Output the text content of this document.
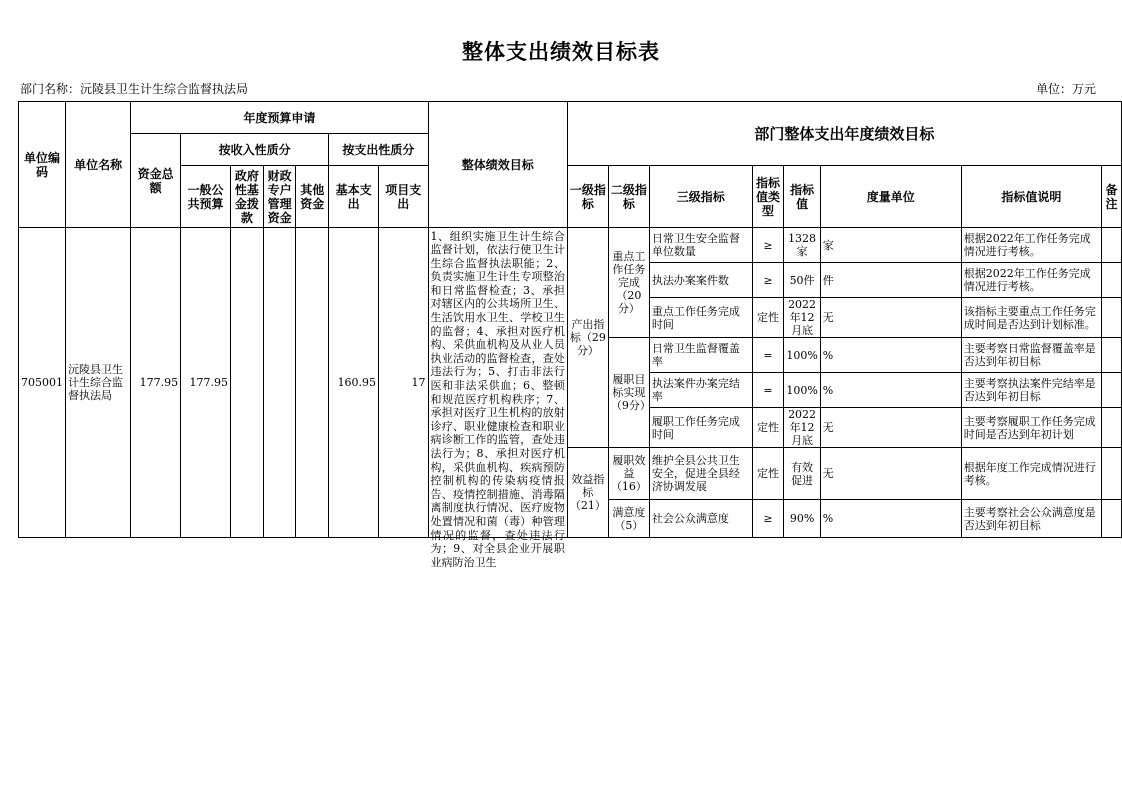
整体支出绩效目标表
部门名称：沅陵县卫生计生综合监督执法局	单位：万元
单位编码	单位名称	年度预算申请							整体绩效目标	部门整体支出年度绩效目标							
		资金总额	按收入性质分				按支出性质分										
			一般公共预算	政府性基金拨款	财政专户管理资金	其他资金	基本支出	项目支出									
										一级指标	二级指标	三级指标	指标值类型	指标值	度量单位	指标值说明	备注
705001	沅陵县卫生计生综合监督执法局	177.95	177.95				160.95	17	1、组织实施卫生计生综合监督计划，依法行使卫生计生综合监督执法职能；2、负责实施卫生计生专项整治和日常监督检查；3、承担对辖区内的公共场所卫生、生活饮用水卫生、学校卫生的监督；4、承担对医疗机构、采供血机构及从业人员执业活动的监督检查，查处违法行为；5、打击非法行医和非法采供血；6、整顿和规范医疗机构秩序；7、承担对医疗卫生机构的放射诊疗、职业健康检查和职业病诊断工作的监管，查处违法行为；8、承担对医疗机构，采供血机构、疾病预防控制机构的传染病疫情报告、疫情控制措施、消毒隔离制度执行情况、医疗废物处置情况和菌（毒）种管理情况的监督，查处违法行为；9、对全县企业开展职业病防治卫生	产出指标（29分）	重点工作任务完成（20分）	日常卫生安全监督单位数量	≥	1328家	家	根据2022年工作任务完成情况进行考核。	
												执法办案案件数	≥	50件	件	根据2022年工作任务完成情况进行考核。	
												重点工作任务完成时间	定性	2022年12月底	无	该指标主要重点工作任务完成时间是否达到计划标准。	
											履职目标实现（9分）	日常卫生监督覆盖率	=	100%	%	主要考察日常监督覆盖率是否达到年初目标	
												执法案件办案完结率	=	100%	%	主要考察执法案件完结率是否达到年初目标	
												履职工作任务完成时间	定性	2022年12月底	无	主要考察履职工作任务完成时间是否达到年初计划	
										效益指标（21）	履职效益（16）	维护全县公共卫生安全，促进全县经济协调发展	定性	有效促进	无	根据年度工作完成情况进行考核。	
											满意度（5）	社会公众满意度	≥	90%	%	主要考察社会公众满意度是否达到年初目标	
